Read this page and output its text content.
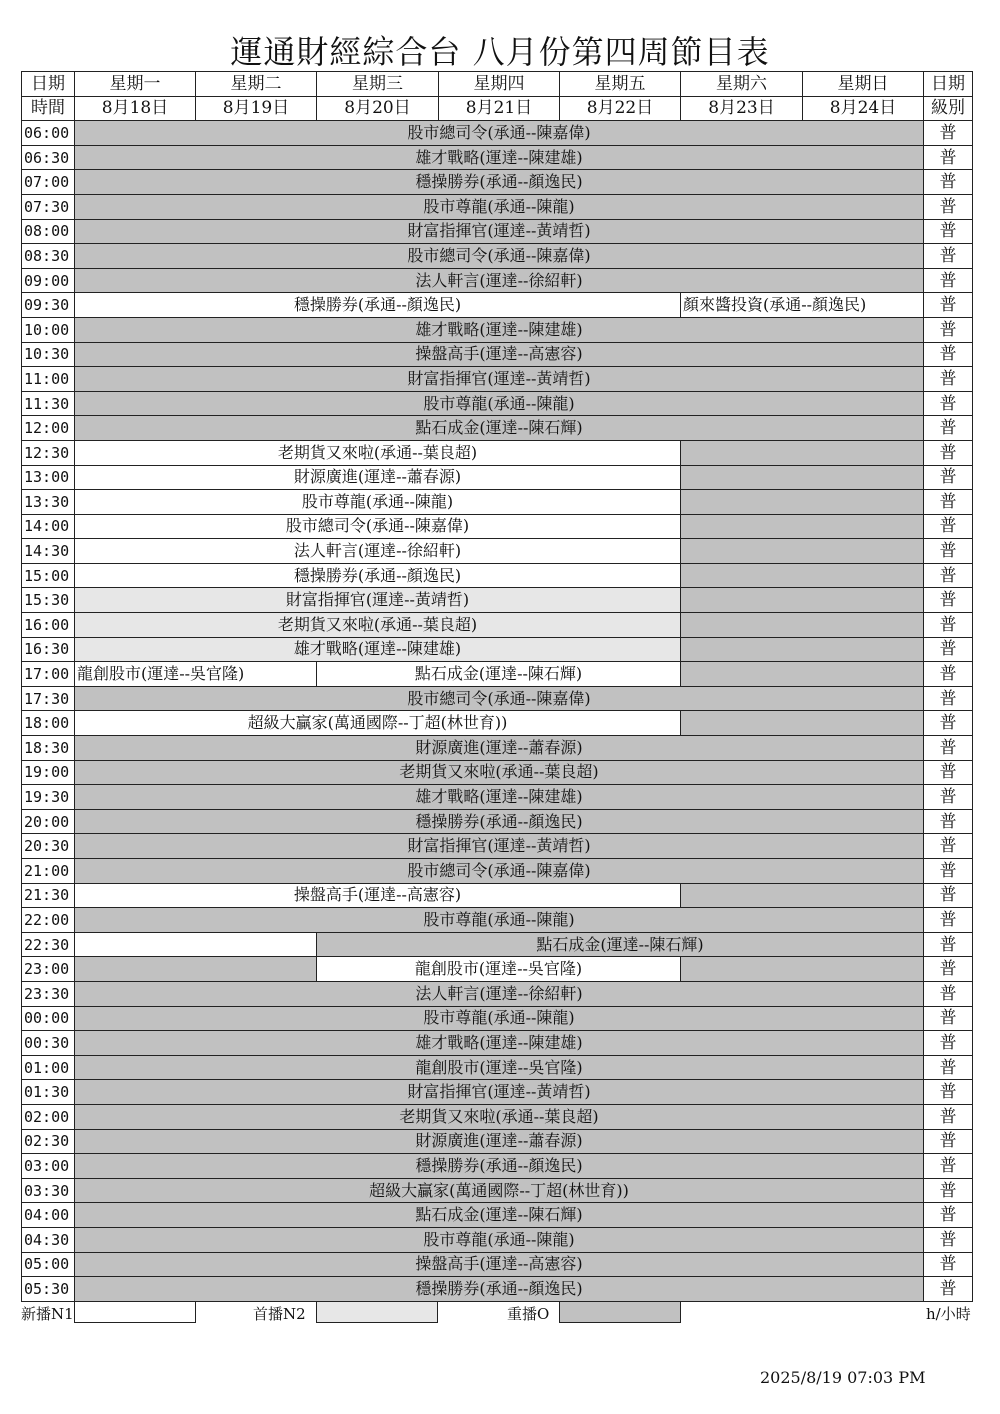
運通財經綜合台 八月份第四周節目表
日期	星期一	星期二	星期三	星期四	星期五	星期六	星期日	日期
時間	8月18日	8月19日	8月20日	8月21日	8月22日	8月23日	8月24日	級別
06:00	股市總司令(承通--陳嘉偉)							普
06:30	雄才戰略(運達--陳建雄)							普
07:00	穩操勝券(承通--顏逸民)							普
07:30	股市尊龍(承通--陳龍)							普
08:00	財富指揮官(運達--黃靖哲)							普
08:30	股市總司令(承通--陳嘉偉)							普
09:00	法人軒言(運達--徐紹軒)							普
09:30	穩操勝券(承通--顏逸民)					顏來醬投資(承通--顏逸民)		普
10:00	雄才戰略(運達--陳建雄)							普
10:30	操盤高手(運達--高憲容)							普
11:00	財富指揮官(運達--黃靖哲)							普
11:30	股市尊龍(承通--陳龍)							普
12:00	點石成金(運達--陳石輝)							普
12:30	老期貨又來啦(承通--葉良超)							普
13:00	財源廣進(運達--蕭春源)							普
13:30	股市尊龍(承通--陳龍)							普
14:00	股市總司令(承通--陳嘉偉)							普
14:30	法人軒言(運達--徐紹軒)							普
15:00	穩操勝券(承通--顏逸民)							普
15:30	財富指揮官(運達--黃靖哲)							普
16:00	老期貨又來啦(承通--葉良超)							普
16:30	雄才戰略(運達--陳建雄)							普
17:00	龍創股市(運達--吳官隆)		點石成金(運達--陳石輝)					普
17:30	股市總司令(承通--陳嘉偉)							普
18:00	超級大贏家(萬通國際--丁超(林世育))							普
18:30	財源廣進(運達--蕭春源)							普
19:00	老期貨又來啦(承通--葉良超)							普
19:30	雄才戰略(運達--陳建雄)							普
20:00	穩操勝券(承通--顏逸民)							普
20:30	財富指揮官(運達--黃靖哲)							普
21:00	股市總司令(承通--陳嘉偉)							普
21:30	操盤高手(運達--高憲容)							普
22:00	股市尊龍(承通--陳龍)							普
22:30			點石成金(運達--陳石輝)					普
23:00			龍創股市(運達--吳官隆)					普
23:30	法人軒言(運達--徐紹軒)							普
00:00	股市尊龍(承通--陳龍)							普
00:30	雄才戰略(運達--陳建雄)							普
01:00	龍創股市(運達--吳官隆)							普
01:30	財富指揮官(運達--黃靖哲)							普
02:00	老期貨又來啦(承通--葉良超)							普
02:30	財源廣進(運達--蕭春源)							普
03:00	穩操勝券(承通--顏逸民)							普
03:30	超級大贏家(萬通國際--丁超(林世育))							普
04:00	點石成金(運達--陳石輝)							普
04:30	股市尊龍(承通--陳龍)							普
05:00	操盤高手(運達--高憲容)							普
05:30	穩操勝券(承通--顏逸民)							普
新播N1	首播N2	重播O	h/小時
2025/8/19 07:03 PM
